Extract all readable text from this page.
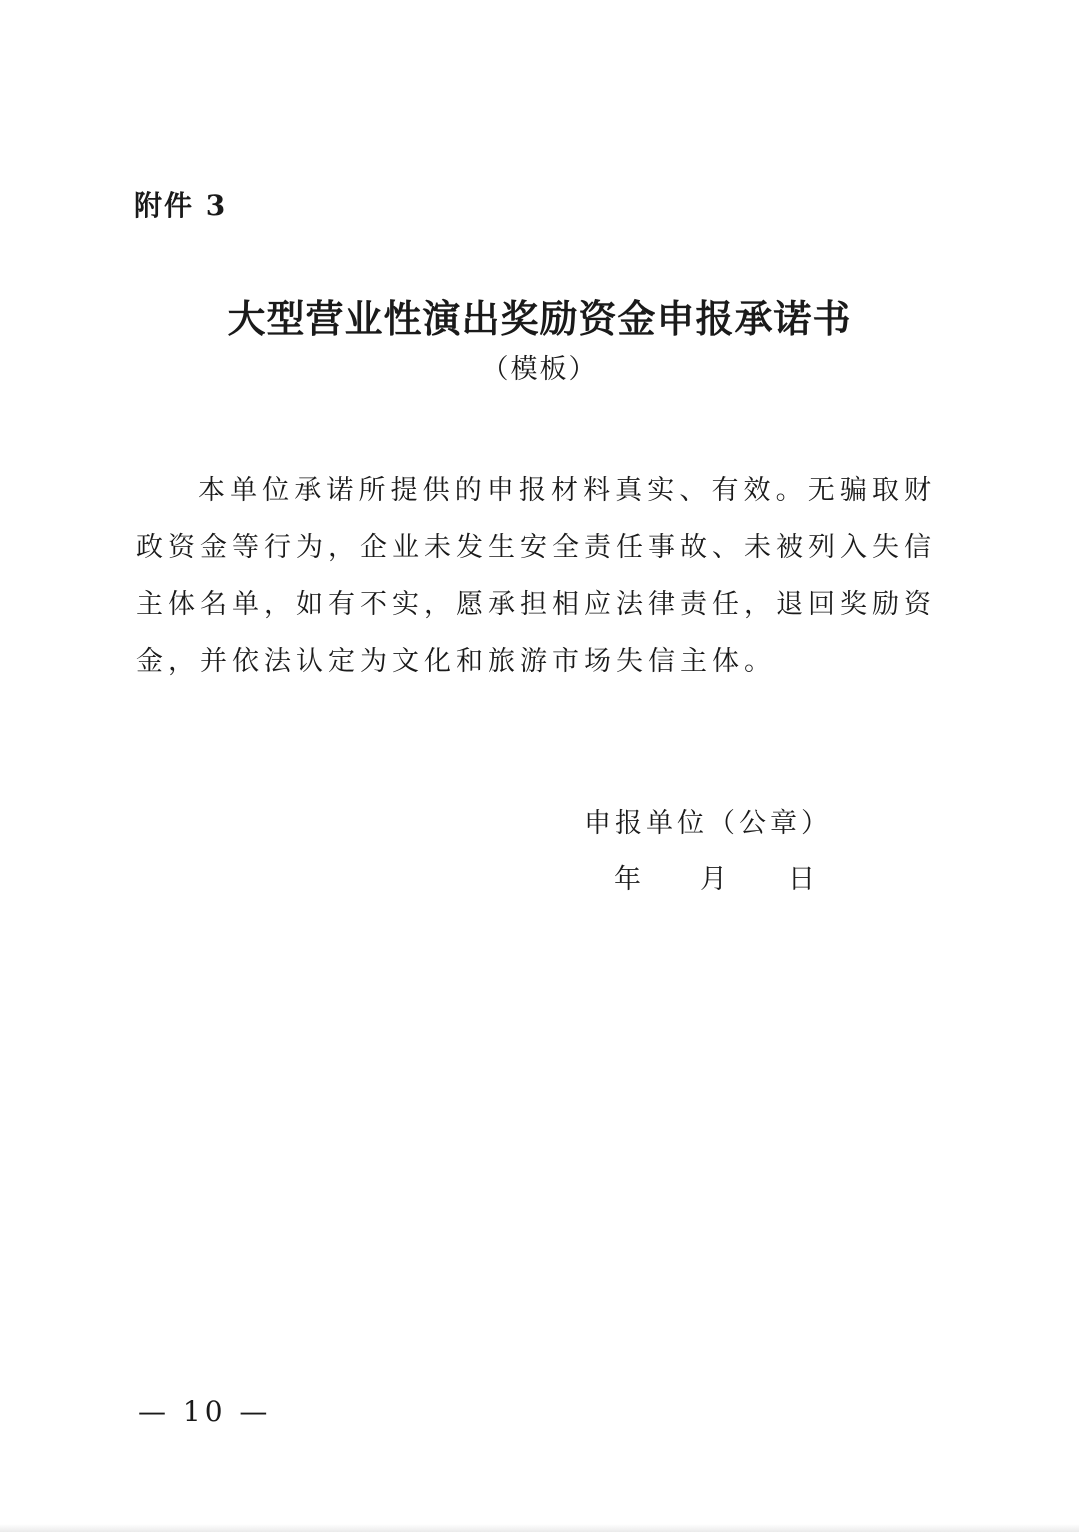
附件 3
大型营业性演出奖励资金申报承诺书
（模板）
本单位承诺所提供的申报材料真实、有效。无骗取财政资金等行为，企业未发生安全责任事故、未被列入失信主体名单，如有不实，愿承担相应法律责任，退回奖励资金，并依法认定为文化和旅游市场失信主体。
申报单位（公章）
年 月 日
— 10 —
